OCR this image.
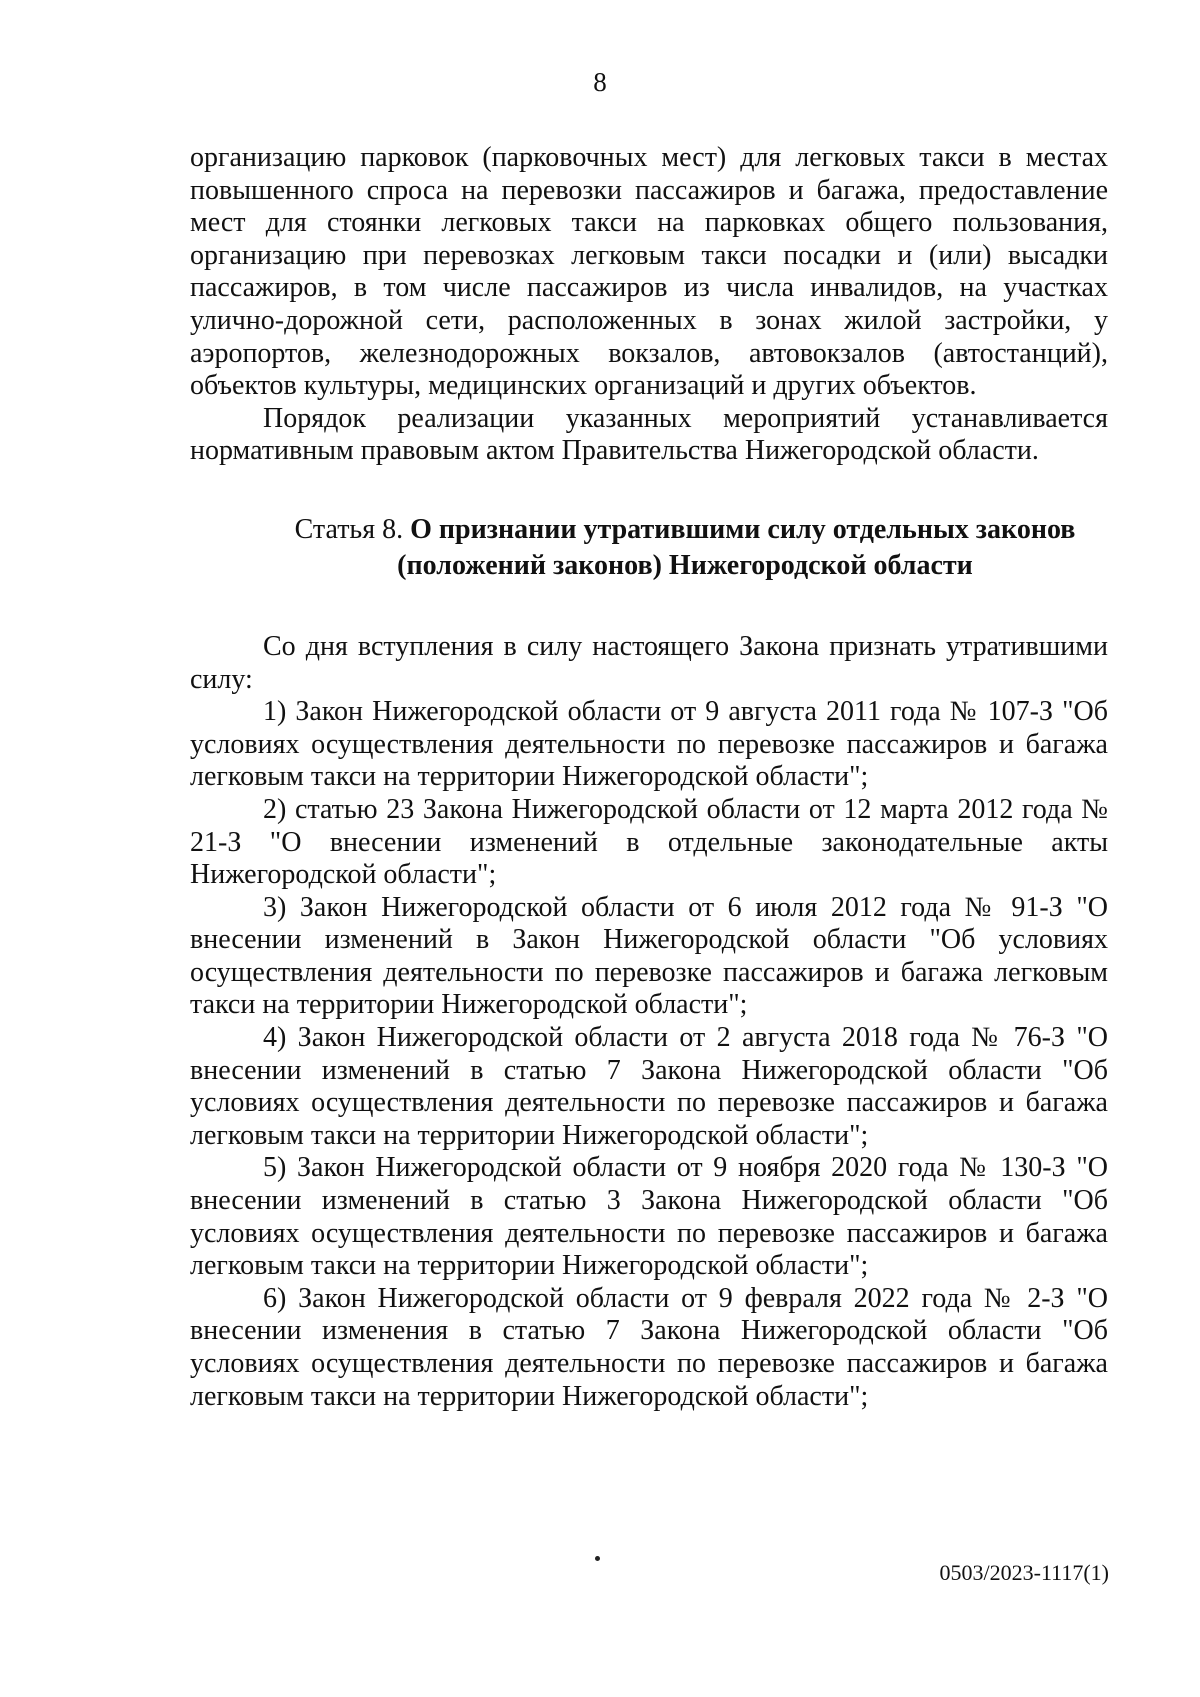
8

организацию парковок (парковочных мест) для легковых такси в местах повышенного спроса на перевозки пассажиров и багажа, предоставление мест для стоянки легковых такси на парковках общего пользования, организацию при перевозках легковым такси посадки и (или) высадки пассажиров, в том числе пассажиров из числа инвалидов, на участках улично-дорожной сети, расположенных в зонах жилой застройки, у аэропортов, железнодорожных вокзалов, автовокзалов (автостанций), объектов культуры, медицинских организаций и других объектов.

Порядок реализации указанных мероприятий устанавливается нормативным правовым актом Правительства Нижегородской области.

Статья 8. О признании утратившими силу отдельных законов (положений законов) Нижегородской области

Со дня вступления в силу настоящего Закона признать утратившими силу:

1) Закон Нижегородской области от 9 августа 2011 года № 107-З "Об условиях осуществления деятельности по перевозке пассажиров и багажа легковым такси на территории Нижегородской области";
2) статью 23 Закона Нижегородской области от 12 марта 2012 года № 21-З "О внесении изменений в отдельные законодательные акты Нижегородской области";
3) Закон Нижегородской области от 6 июля 2012 года № 91-З "О внесении изменений в Закон Нижегородской области "Об условиях осуществления деятельности по перевозке пассажиров и багажа легковым такси на территории Нижегородской области";
4) Закон Нижегородской области от 2 августа 2018 года № 76-З "О внесении изменений в статью 7 Закона Нижегородской области "Об условиях осуществления деятельности по перевозке пассажиров и багажа легковым такси на территории Нижегородской области";
5) Закон Нижегородской области от 9 ноября 2020 года № 130-З "О внесении изменений в статью 3 Закона Нижегородской области "Об условиях осуществления деятельности по перевозке пассажиров и багажа легковым такси на территории Нижегородской области";
6) Закон Нижегородской области от 9 февраля 2022 года № 2-З "О внесении изменения в статью 7 Закона Нижегородской области "Об условиях осуществления деятельности по перевозке пассажиров и багажа легковым такси на территории Нижегородской области";
0503/2023-1117(1)
